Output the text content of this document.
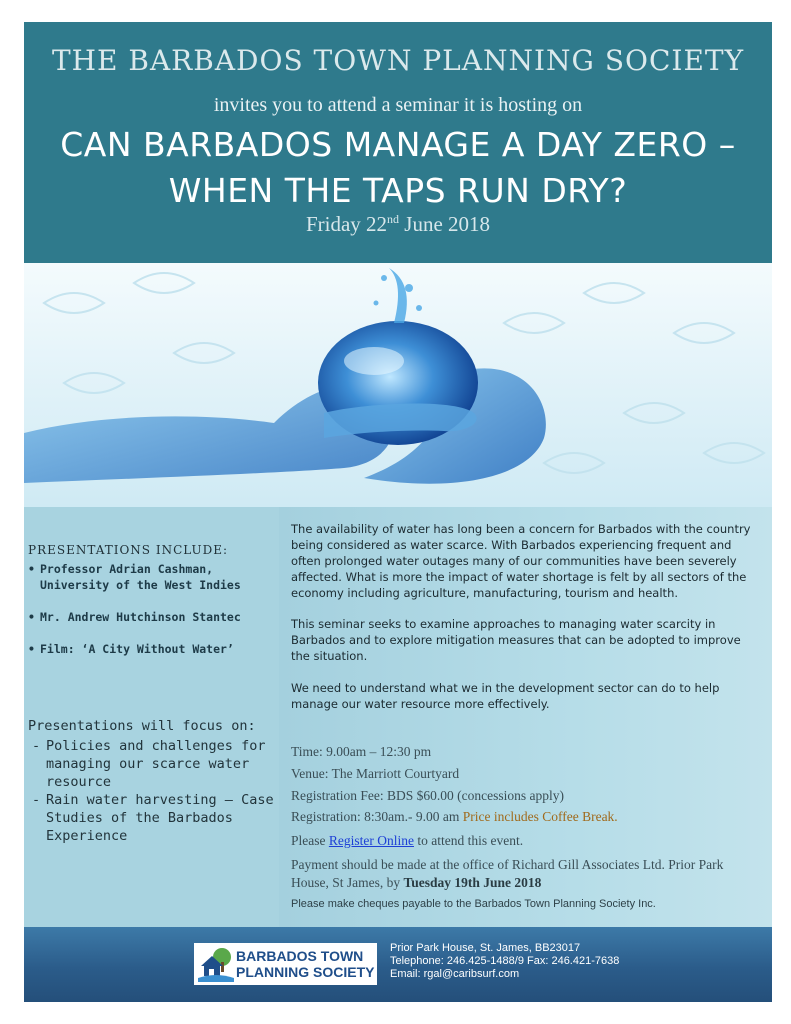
THE BARBADOS TOWN PLANNING SOCIETY
invites you to attend a seminar it is hosting on
CAN BARBADOS MANAGE A DAY ZERO –
WHEN THE TAPS RUN DRY?
Friday 22nd June 2018
PRESENTATIONS INCLUDE:
• Professor Adrian Cashman, University of the West Indies
• Mr. Andrew Hutchinson Stantec
• Film: ‘A City Without Water’
Presentations will focus on:
- Policies and challenges for managing our scarce water resource
- Rain water harvesting – Case Studies of the Barbados Experience

The availability of water has long been a concern for Barbados with the country being considered as water scarce. With Barbados experiencing frequent and often prolonged water outages many of our communities have been severely affected. What is more the impact of water shortage is felt by all sectors of the economy including agriculture, manufacturing, tourism and health.

This seminar seeks to examine approaches to managing water scarcity in Barbados and to explore mitigation measures that can be adopted to improve the situation.

We need to understand what we in the development sector can do to help manage our water resource more effectively.

Time: 9.00am – 12:30 pm

Venue: The Marriott Courtyard

Registration Fee: BDS $60.00 (concessions apply)

Registration: 8:30am.- 9.00 am Price includes Coffee Break.

Please Register Online to attend this event.

Payment should be made at the office of Richard Gill Associates Ltd. Prior Park House, St James, by Tuesday 19th June 2018

Please make cheques payable to the Barbados Town Planning Society Inc.

BARBADOS TOWN
PLANNING SOCIETY
Prior Park House, St. James, BB23017
Telephone: 246.425-1488/9 Fax: 246.421-7638
Email: rgal@caribsurf.com
